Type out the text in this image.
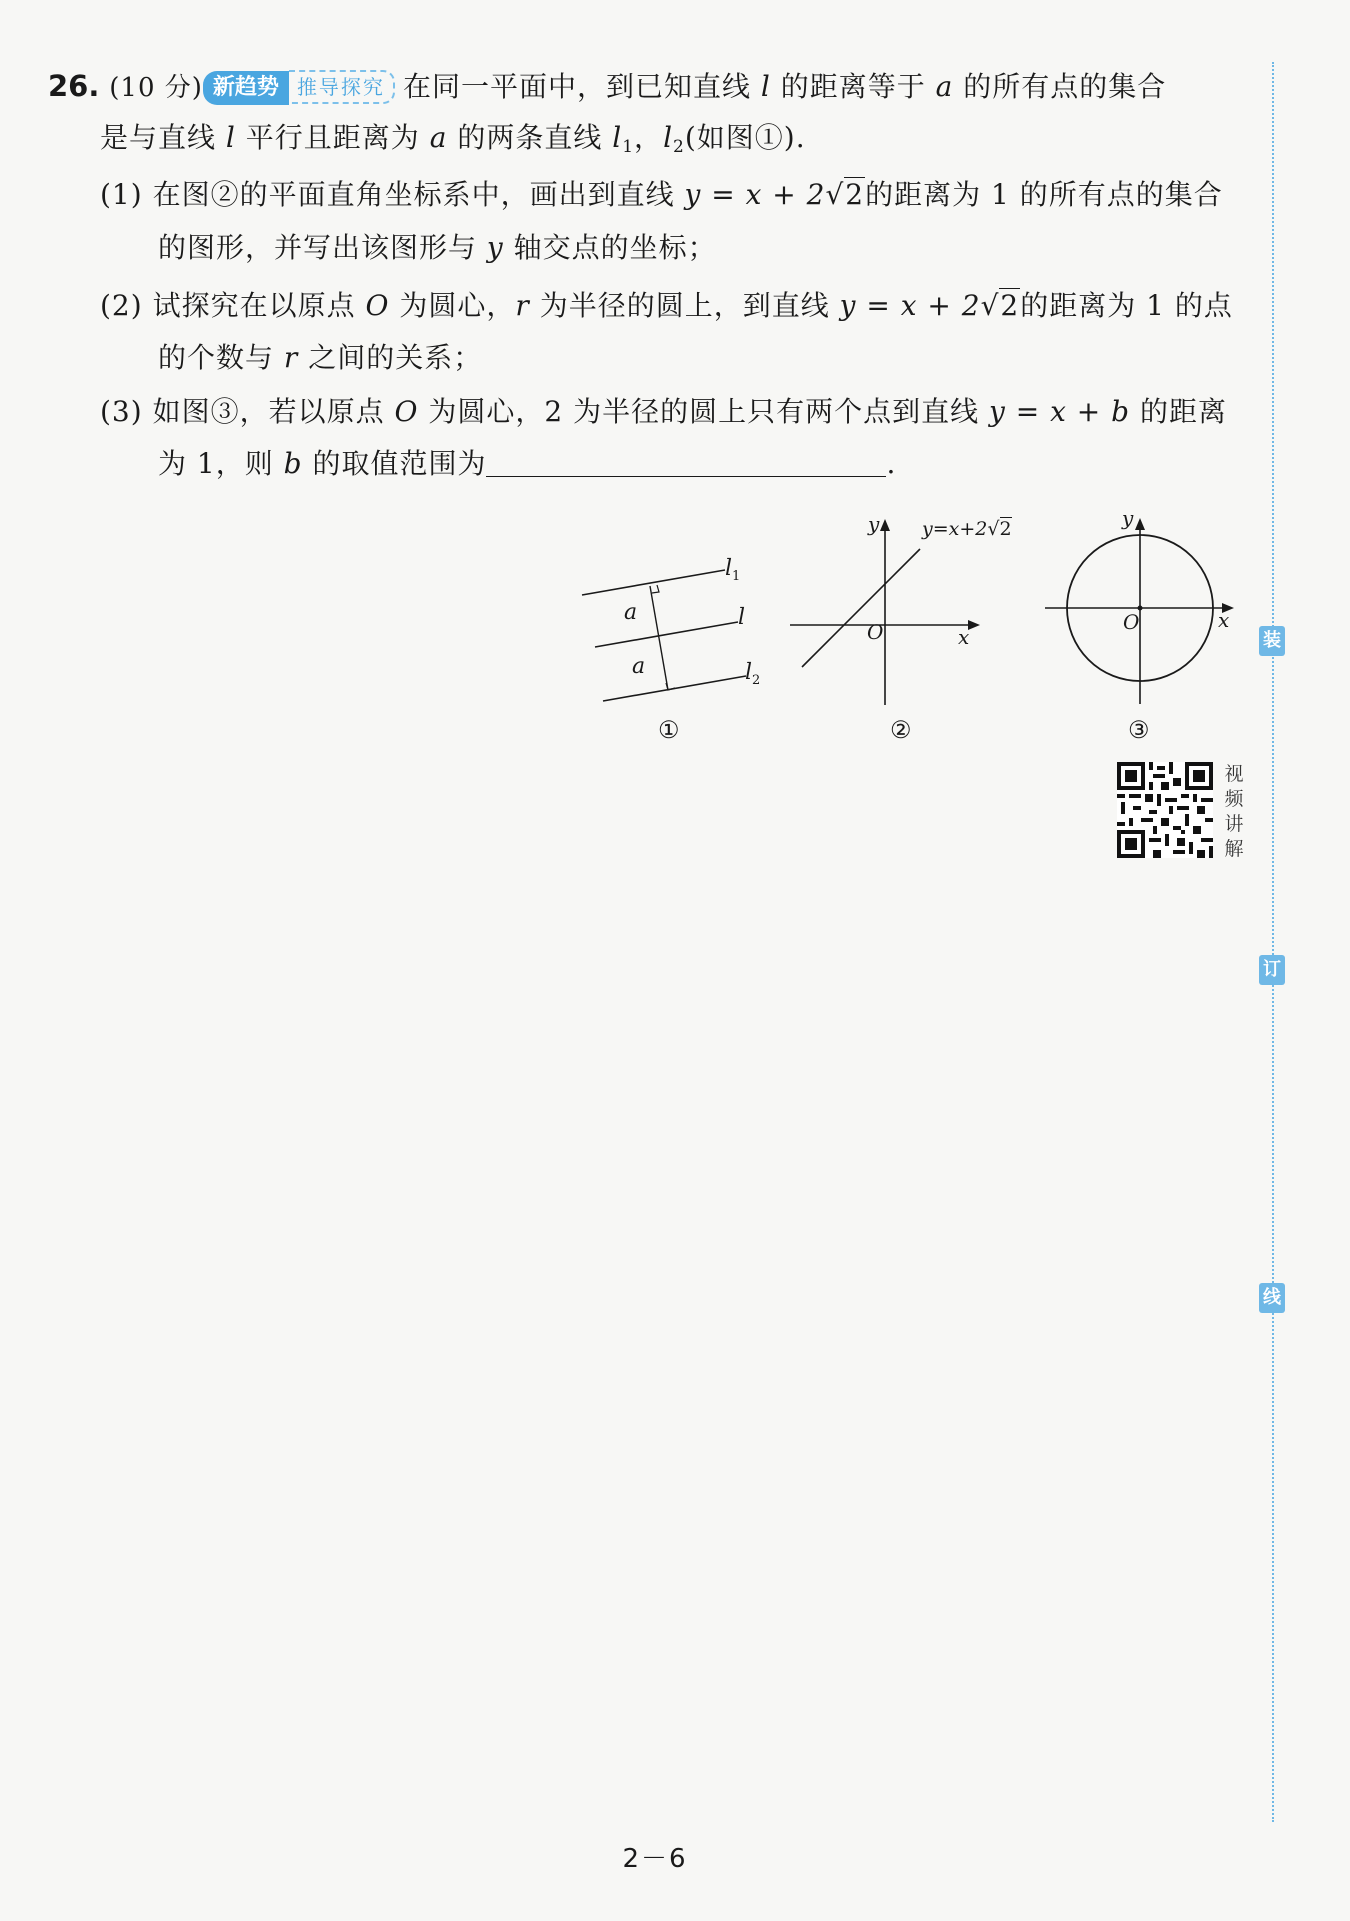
26. (10 分) 新趋势 推导探究 在同一平面中，到已知直线 l 的距离等于 a 的所有点的集合
是与直线 l 平行且距离为 a 的两条直线 $l_1$，$l_2$(如图①).
(1) 在图②的平面直角坐标系中，画出到直线 y = x + 2√2的距离为 1 的所有点的集合
的图形，并写出该图形与 y 轴交点的坐标；
(2) 试探究在以原点 O 为圆心，r 为半径的圆上，到直线 y = x + 2√2的距离为 1 的点
的个数与 r 之间的关系；
(3) 如图③，若以原点 O 为圆心，2 为半径的圆上只有两个点到直线 y = x + b 的距离
为 1，则 b 的取值范围为	.
$l_1$
l
$l_2$
a
a
①
y
x
O
y=x+2√2
②
y
x
O
③
视
频
讲
解
装
订
线
2－6
